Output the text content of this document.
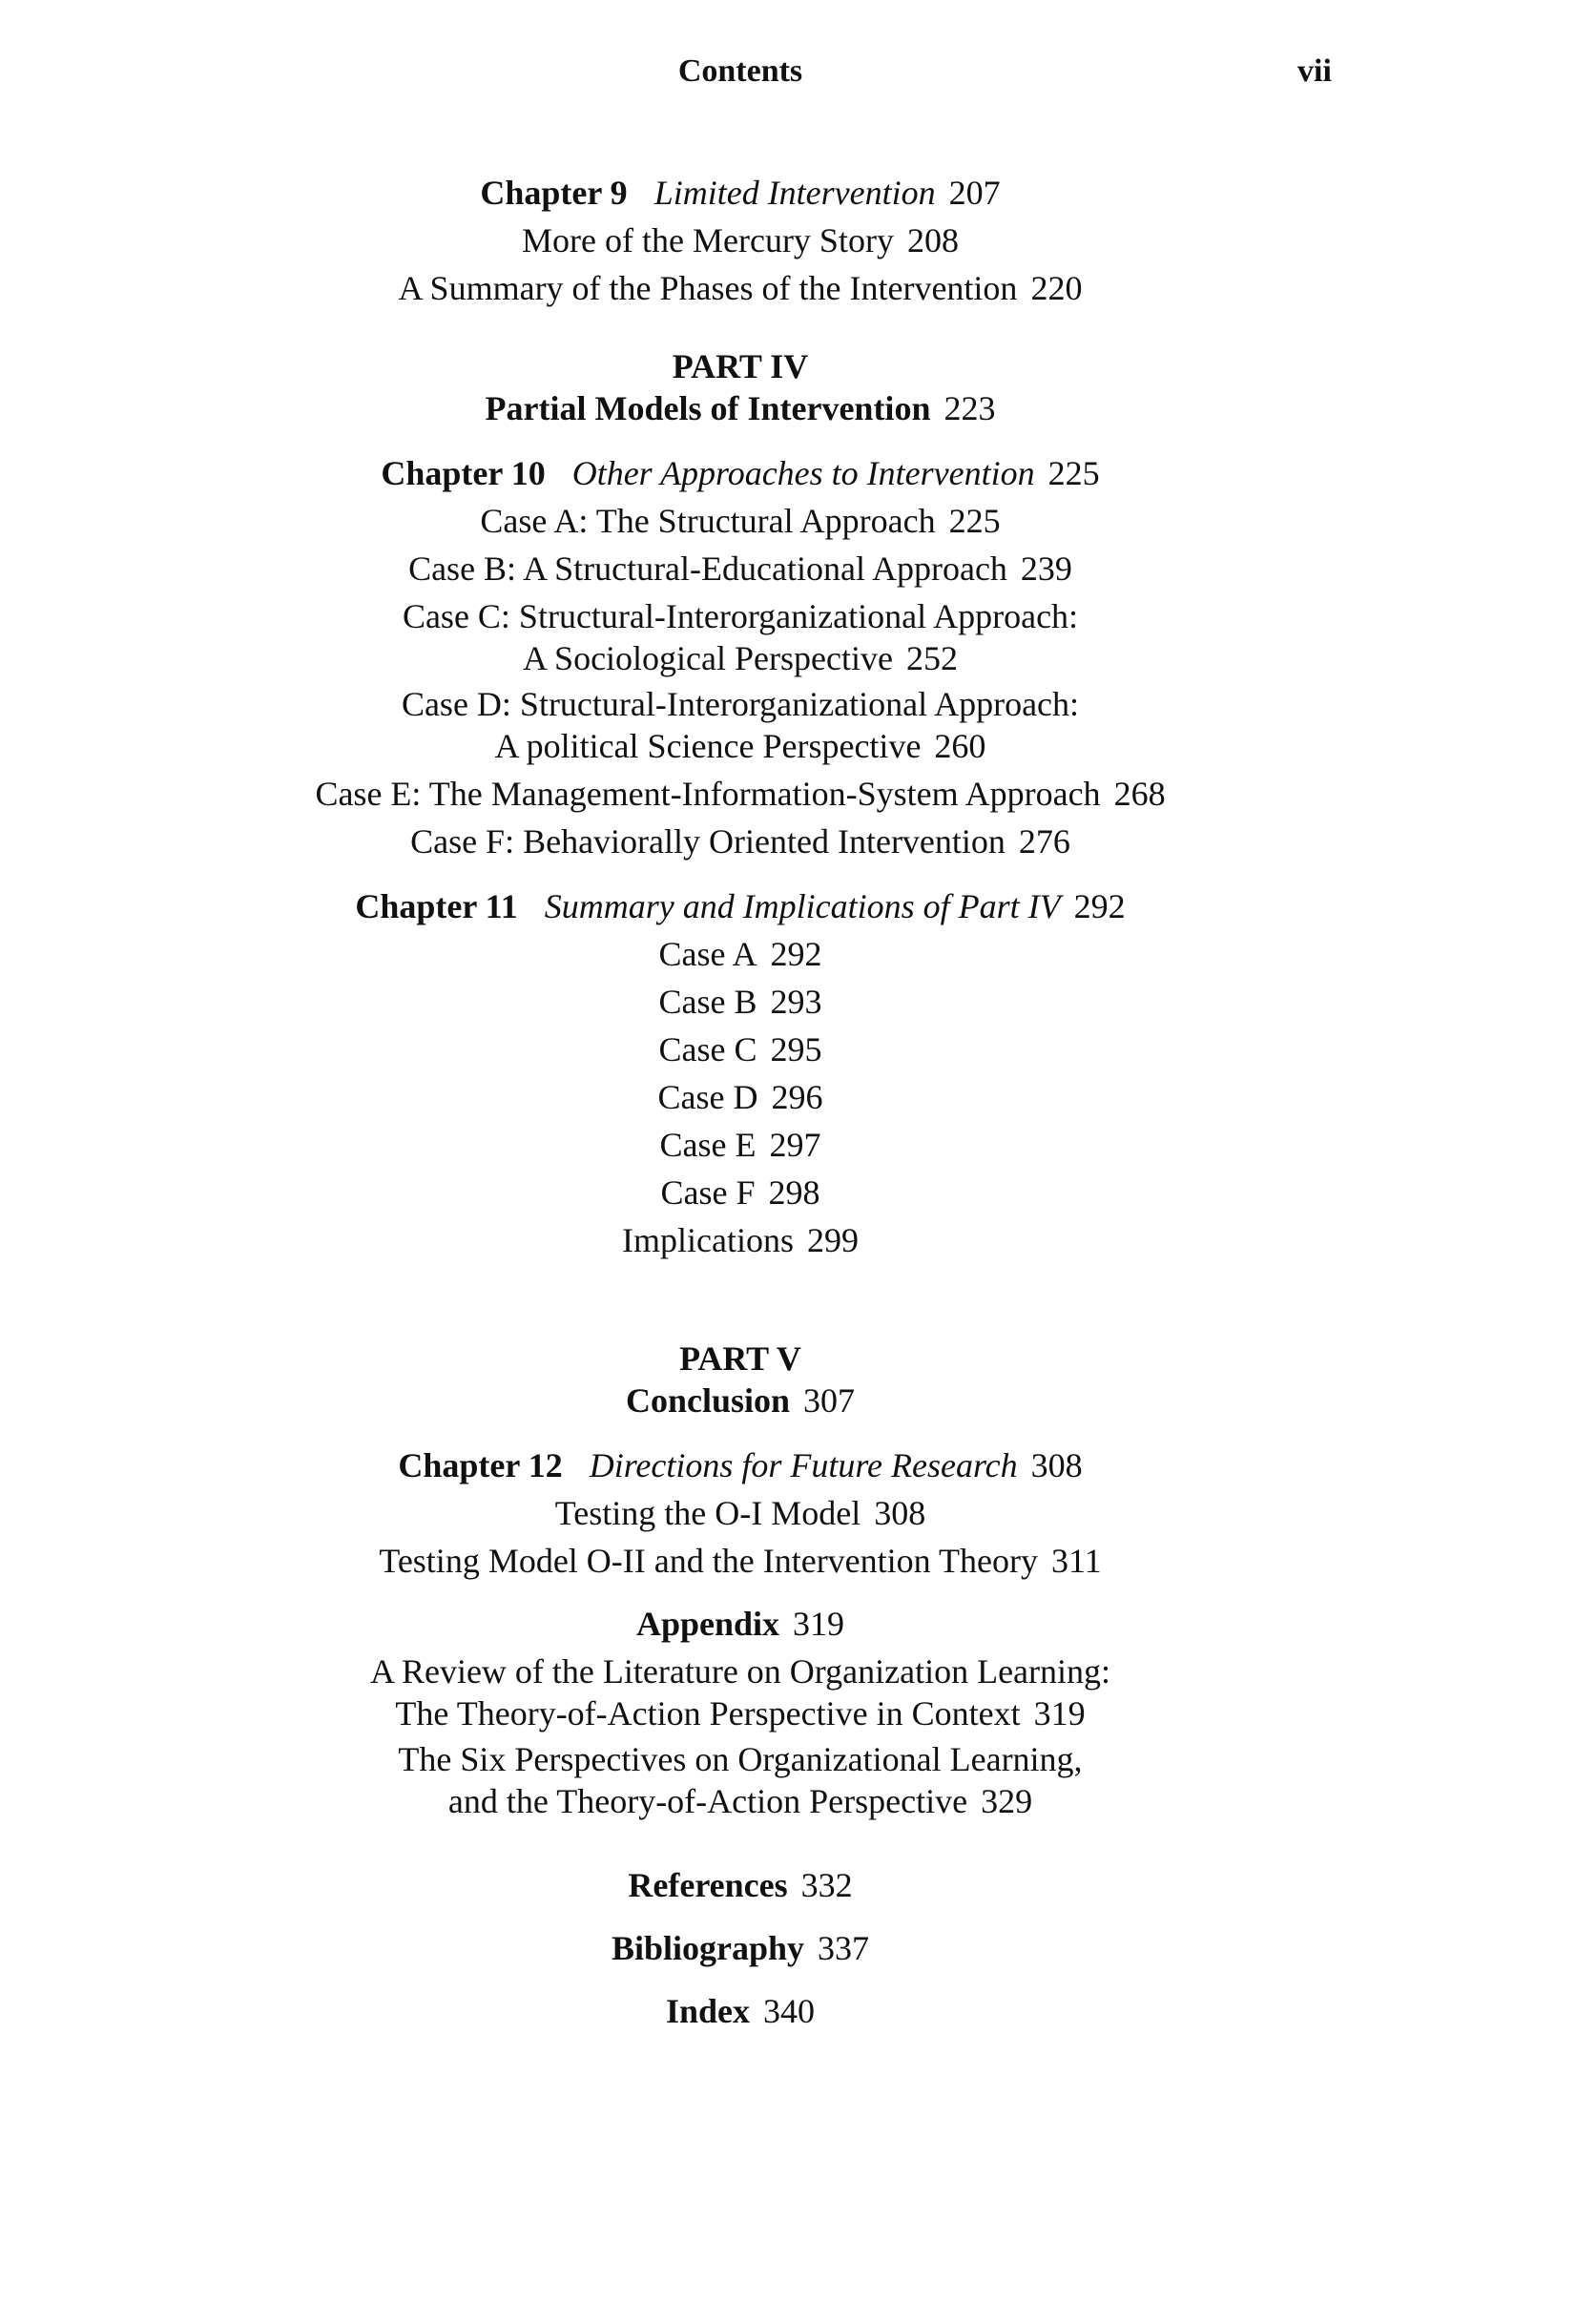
Contents	vii
Chapter 9 Limited Intervention 207
More of the Mercury Story 208
A Summary of the Phases of the Intervention 220
PART IV
Partial Models of Intervention 223
Chapter 10 Other Approaches to Intervention 225
Case A: The Structural Approach 225
Case B: A Structural-Educational Approach 239
Case C: Structural-Interorganizational Approach:
A Sociological Perspective 252
Case D: Structural-Interorganizational Approach:
A political Science Perspective 260
Case E: The Management-Information-System Approach 268
Case F: Behaviorally Oriented Intervention 276
Chapter 11 Summary and Implications of Part IV 292
Case A 292
Case B 293
Case C 295
Case D 296
Case E 297
Case F 298
Implications 299
PART V
Conclusion 307
Chapter 12 Directions for Future Research 308
Testing the O-I Model 308
Testing Model O-II and the Intervention Theory 311
Appendix 319
A Review of the Literature on Organization Learning:
The Theory-of-Action Perspective in Context 319
The Six Perspectives on Organizational Learning,
and the Theory-of-Action Perspective 329
References 332
Bibliography 337
Index 340
